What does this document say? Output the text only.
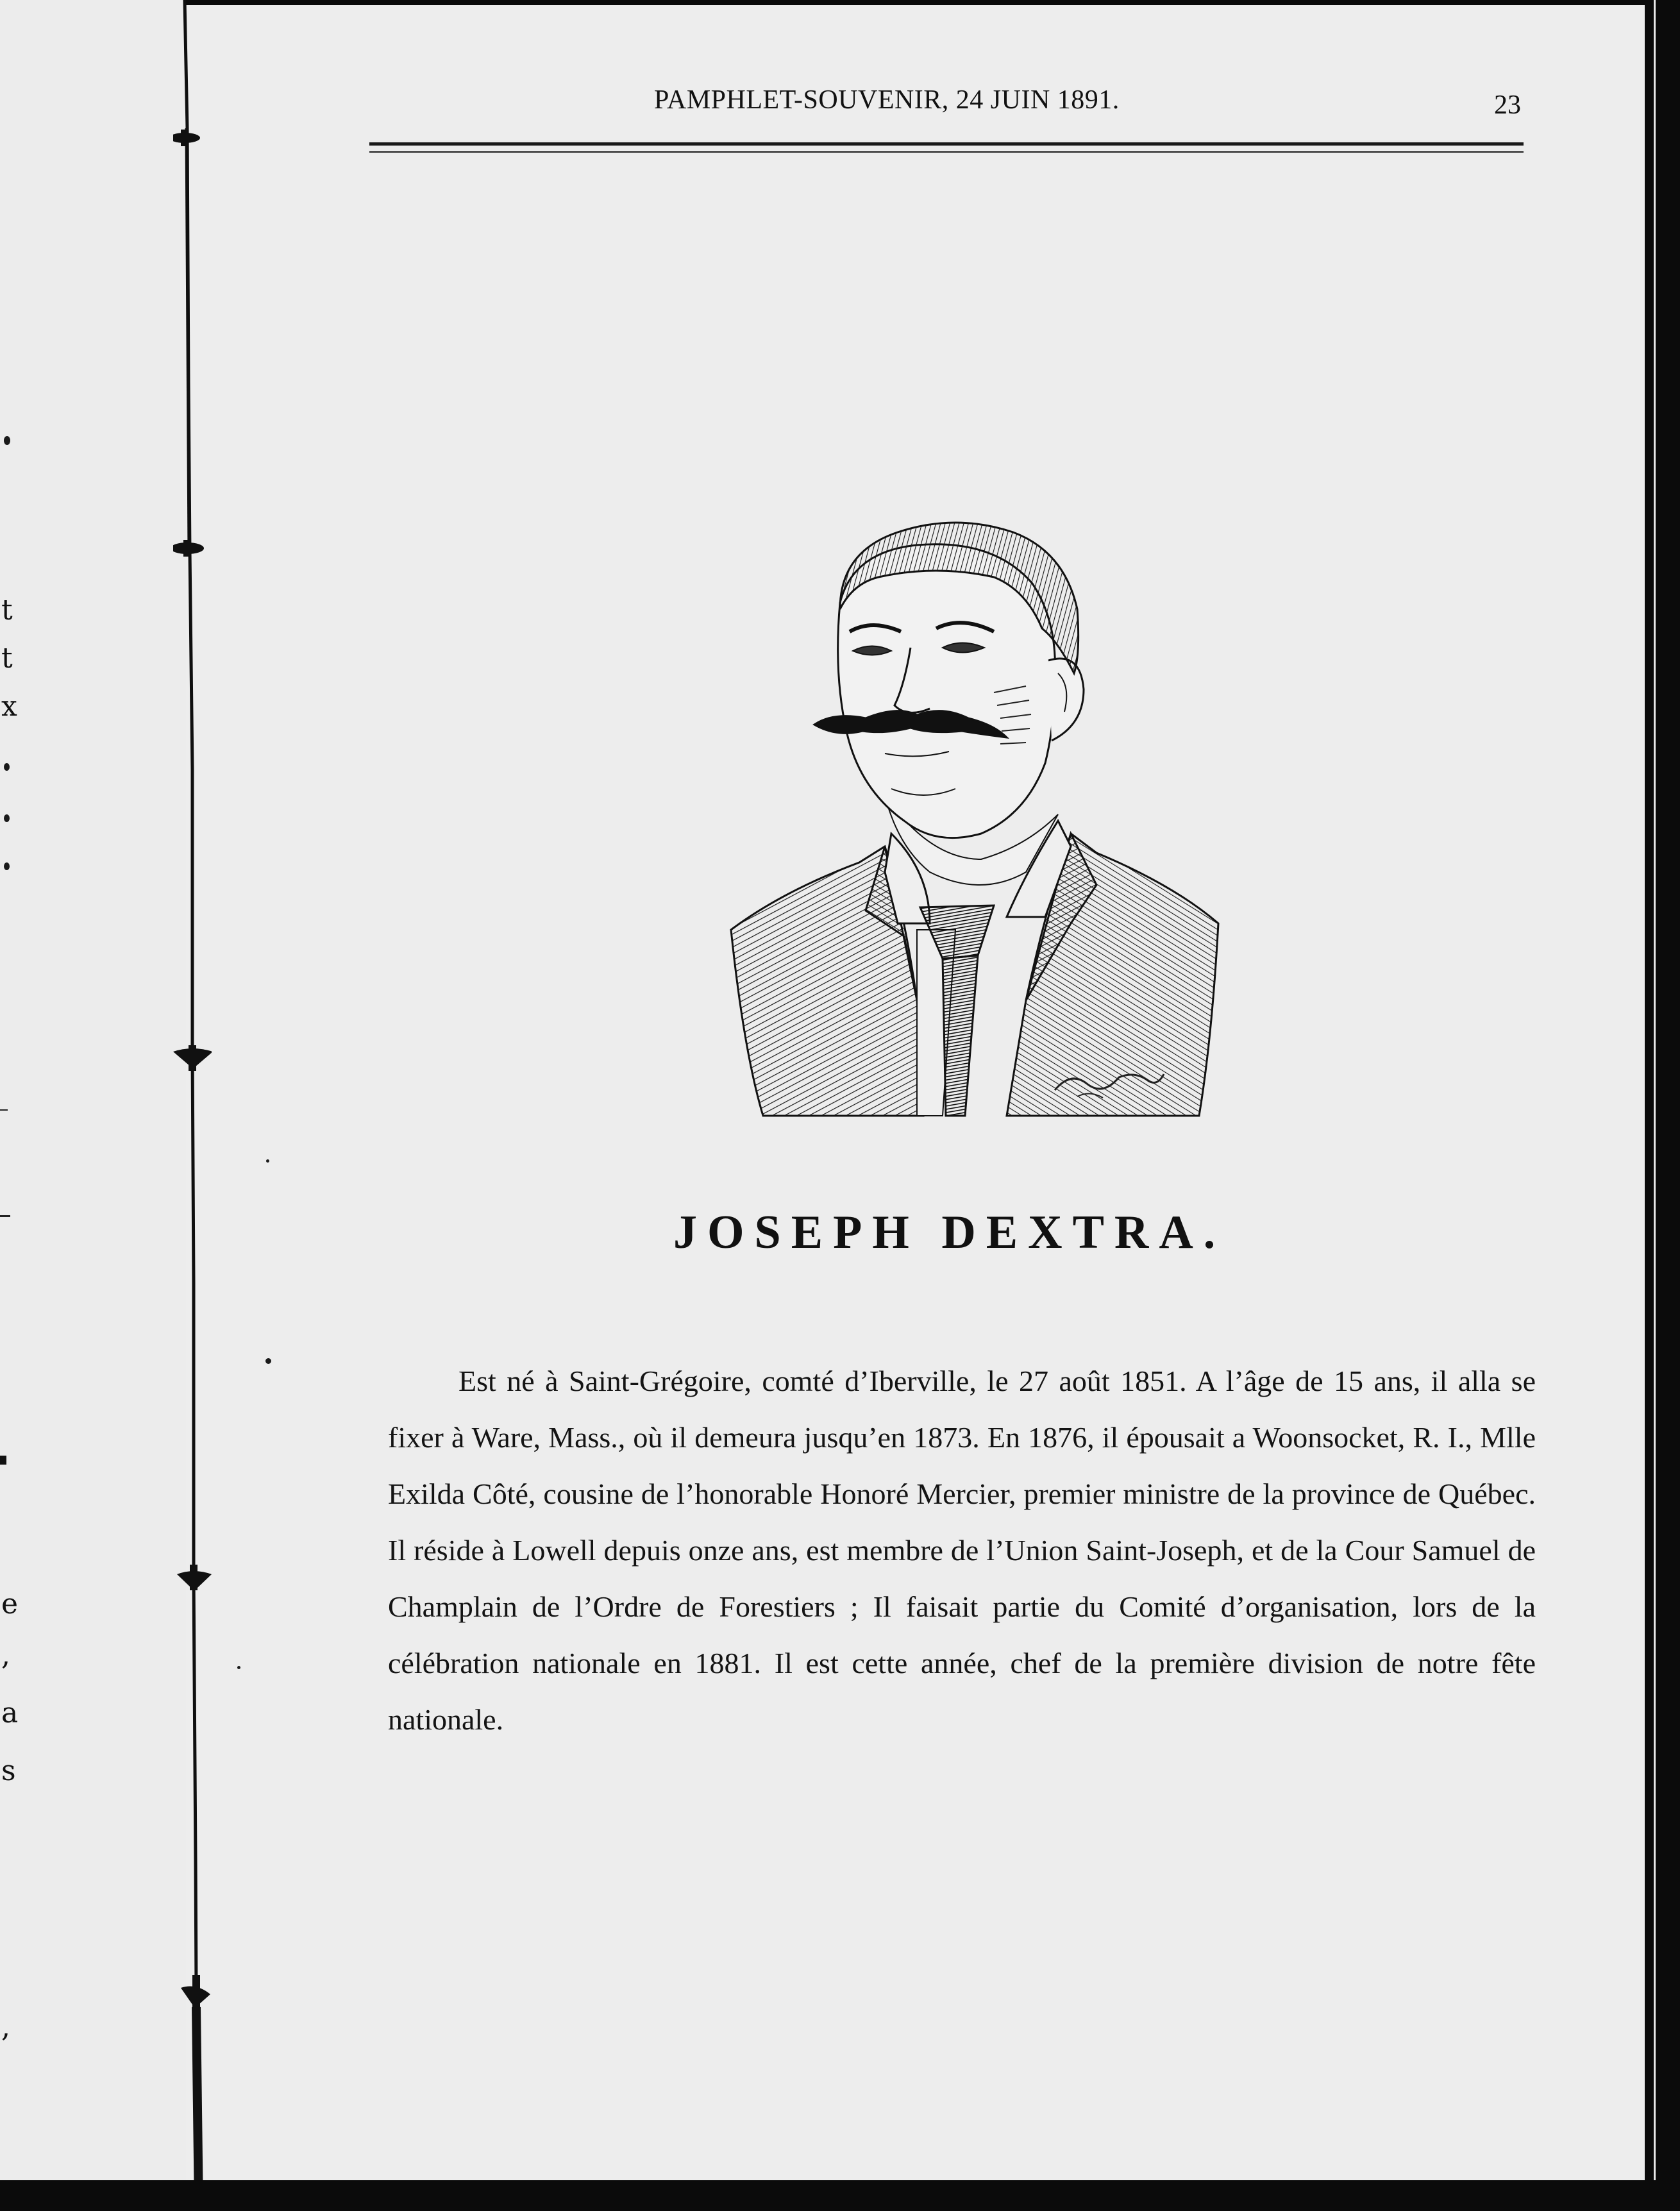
t
t
x
e
,
a
s
,
PAMPHLET-SOUVENIR, 24 JUIN 1891.	23
JOSEPH DEXTRA.

Est né à Saint-Grégoire, comté d’Iberville, le 27 août 1851. A l’âge de 15 ans, il alla se fixer à Ware, Mass., où il demeura jusqu’en 1873. En 1876, il épousait a Woonsocket, R. I., Mlle Exilda Côté, cousine de l’honorable Honoré Mercier, premier ministre de la province de Québec. Il réside à Lowell depuis onze ans, est membre de l’Union Saint-Joseph, et de la Cour Samuel de Champlain de l’Ordre de Forestiers ; Il faisait partie du Comité d’organisation, lors de la célébration nationale en 1881. Il est cette année, chef de la première division de notre fête nationale.
